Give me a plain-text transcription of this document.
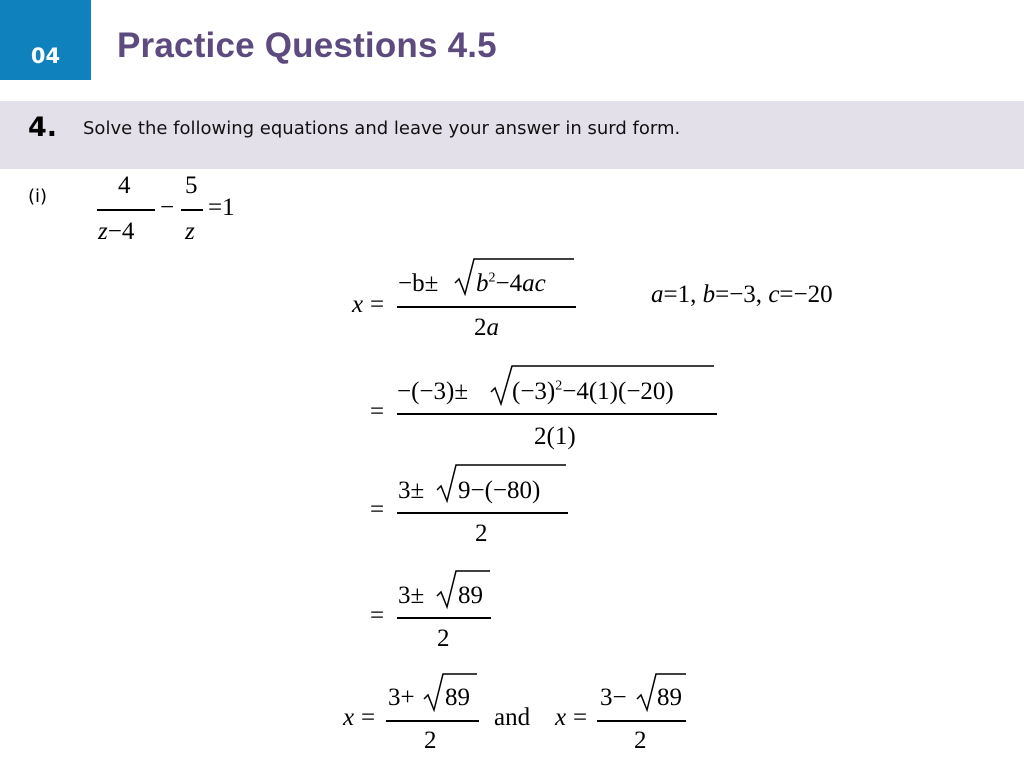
04 Practice Questions 4.5
4. Solve the following equations and leave your answer in surd form.
(i)	4
z−4
−
5
z
=1
x =
$-b\pm b^2-4ac$
2a
a=1, b=−3, c=−20
=
$-(-3)\pm (-3)^2-4(1)(-20)$
2(1)
=
3± 9−(−80)
2
=
3± 89
2
x =
3+ 89
2
and x =
3− 89
2
